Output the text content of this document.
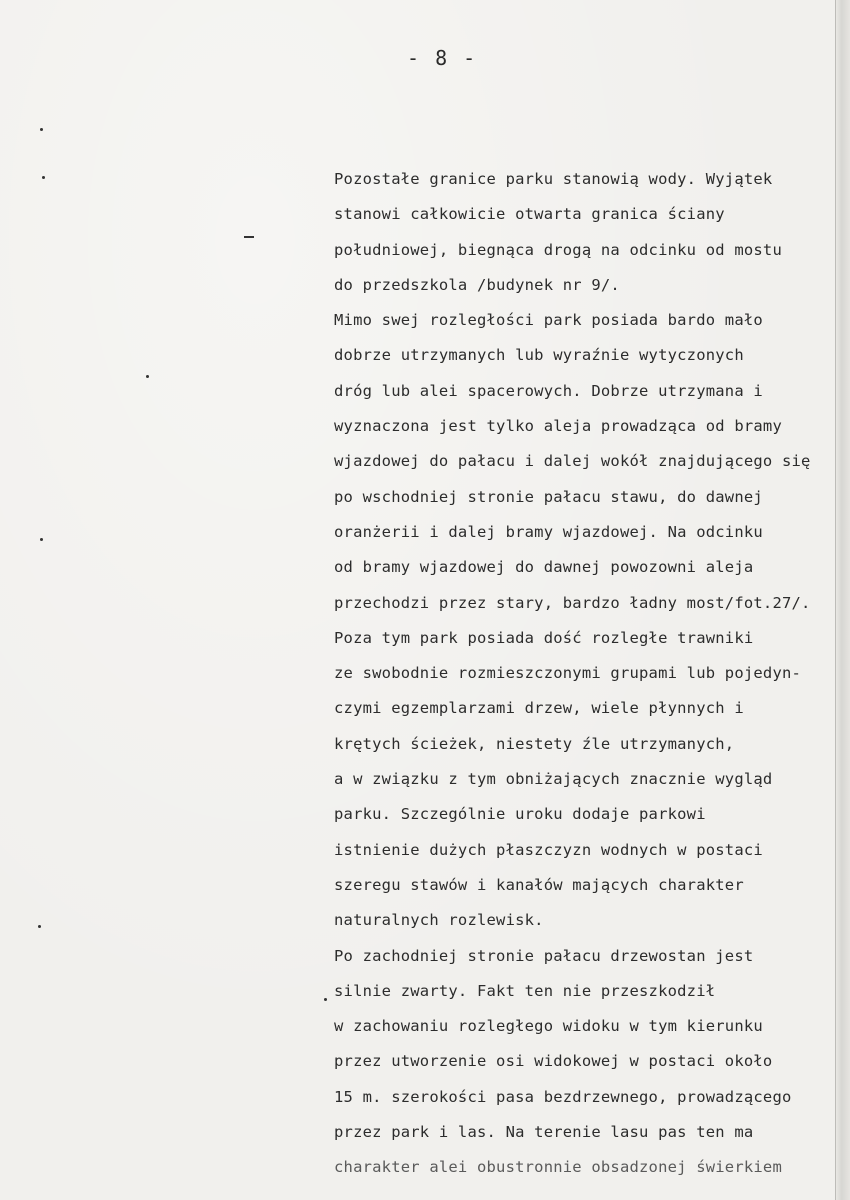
- 8 -
Pozostałe granice parku stanowią wody. Wyjątek
stanowi całkowicie otwarta granica ściany
południowej, biegnąca drogą na odcinku od mostu
do przedszkola /budynek nr 9/.
Mimo swej rozległości park posiada bardo mało
dobrze utrzymanych lub wyraźnie wytyczonych
dróg lub alei spacerowych. Dobrze utrzymana i
wyznaczona jest tylko aleja prowadząca od bramy
wjazdowej do pałacu i dalej wokół znajdującego się
po wschodniej stronie pałacu stawu, do dawnej
oranżerii i dalej bramy wjazdowej. Na odcinku
od bramy wjazdowej do dawnej powozowni aleja
przechodzi przez stary, bardzo ładny most/fot.27/.
Poza tym park posiada dość rozległe trawniki
ze swobodnie rozmieszczonymi grupami lub pojedyn-
czymi egzemplarzami drzew, wiele płynnych i
krętych ścieżek, niestety źle utrzymanych,
a w związku z tym obniżających znacznie wygląd
parku. Szczególnie uroku dodaje parkowi
istnienie dużych płaszczyzn wodnych w postaci
szeregu stawów i kanałów mających charakter
naturalnych rozlewisk.
Po zachodniej stronie pałacu drzewostan jest
silnie zwarty. Fakt ten nie przeszkodził
w zachowaniu rozległego widoku w tym kierunku
przez utworzenie osi widokowej w postaci około
15 m. szerokości pasa bezdrzewnego, prowadzącego
przez park i las. Na terenie lasu pas ten ma
charakter alei obustronnie obsadzonej świerkiem
